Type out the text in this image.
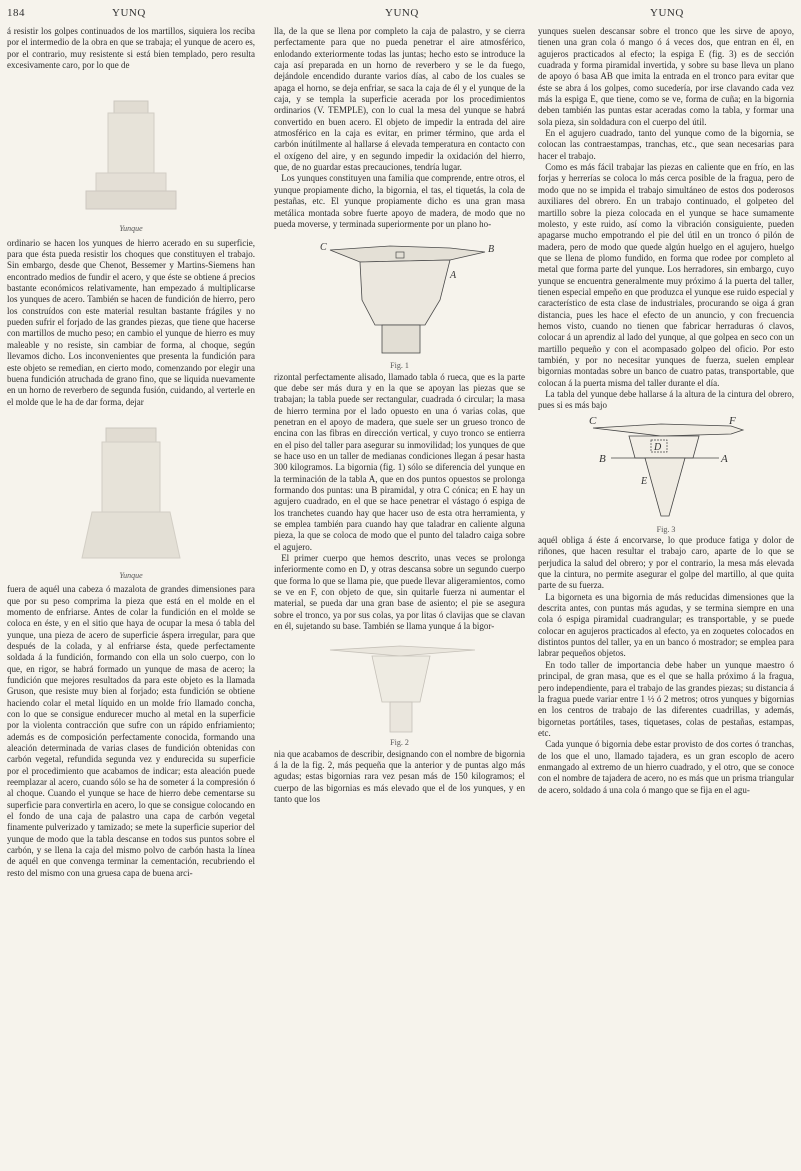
184	YUNQ	YUNQ	YUNQ

á resistir los golpes continuados de los martillos, siquiera los reciba por el intermedio de la obra en que se trabaja; el yunque de acero es, por el contrario, muy resistente si está bien templado, pero resulta excesivamente caro, por lo que de

Yunque

ordinario se hacen los yunques de hierro acerado en su superficie, para que ésta pueda resistir los choques que constituyen el trabajo. Sin embargo, desde que Chenot, Bessemer y Martins-Siemens han encontrado medios de fundir el acero, y que éste se obtiene á precios bastante económicos relativamente, han empezado á multiplicarse los yunques de acero. También se hacen de fundición de hierro, pero los construídos con este material resultan bastante frágiles y no pueden sufrir el forjado de las grandes piezas, que tiene que hacerse con martillos de mucho peso; en cambio el yunque de hierro es muy maleable y no resiste, sin cambiar de forma, al choque, según llevamos dicho. Los inconvenientes que presenta la fundición para este objeto se remedian, en cierto modo, comenzando por elegir una buena fundición atruchada de grano fino, que se liquida nuevamente en un horno de reverbero de segunda fusión, cuidando, al verterle en el molde que le ha de dar forma, dejar

Yunque

fuera de aquél una cabeza ó mazalota de grandes dimensiones para que por su peso comprima la pieza que está en el molde en el momento de enfriarse. Antes de colar la fundición en el molde se coloca en éste, y en el sitio que haya de ocupar la mesa ó tabla del yunque, una pieza de acero de superficie áspera irregular, para que después de la colada, y al enfriarse ésta, quede perfectamente soldada á la fundición, formando con ella un solo cuerpo, con lo que, en rigor, se habrá formado un yunque de masa de acero; la fundición que mejores resultados da para este objeto es la llamada Gruson, que resiste muy bien al forjado; esta fundición se obtiene haciendo colar el metal líquido en un molde frío llamado concha, con lo que se consigue endurecer mucho al metal en la superficie por la violenta contracción que sufre con un rápido enfriamiento; además es de composición perfectamente conocida, formando una aleación determinada de varias clases de fundición obtenidas con carbón vegetal, refundida segunda vez y endurecida su superficie por el procedimiento que acabamos de indicar; esta aleación puede reemplazar al acero, cuando sólo se ha de someter á la compresión ó al choque. Cuando el yunque se hace de hierro debe cementarse su superficie para convertirla en acero, lo que se consigue colocando en el fondo de una caja de palastro una capa de carbón vegetal finamente pulverizado y tamizado; se mete la superficie superior del yunque de modo que la tabla descanse en todos sus puntos sobre el carbón, y se llena la caja del mismo polvo de carbón hasta la línea de aquél en que convenga terminar la cementación, recubriendo el resto del mismo con una gruesa capa de buena arci-

lla, de la que se llena por completo la caja de palastro, y se cierra perfectamente para que no pueda penetrar el aire atmosférico, enlodando exteriormente todas las juntas; hecho esto se introduce la caja así preparada en un horno de reverbero y se le da fuego, dejándole encendido durante varios días, al cabo de los cuales se apaga el horno, se deja enfriar, se saca la caja de él y el yunque de la caja, y se templa la superficie acerada por los procedimientos ordinarios (V. TEMPLE), con lo cual la mesa del yunque se habrá convertido en buen acero. El objeto de impedir la entrada del aire atmosférico en la caja es evitar, en primer término, que arda el carbón inútilmente al hallarse á elevada temperatura en contacto con el oxígeno del aire, y en segundo impedir la oxidación del hierro, que, de no guardar estas precauciones, tendría lugar.

Los yunques constituyen una familia que comprende, entre otros, el yunque propiamente dicho, la bigornia, el tas, el tiquetás, la cola de pestañas, etc. El yunque propiamente dicho es una gran masa metálica montada sobre fuerte apoyo de madera, de modo que no pueda moverse, y terminada superiormente por un plano ho-

C	B
A
Fig. 1

rizontal perfectamente alisado, llamado tabla ó rueca, que es la parte que debe ser más dura y en la que se apoyan las piezas que se trabajan; la tabla puede ser rectangular, cuadrada ó circular; la masa de hierro termina por el lado opuesto en una ó varias colas, que penetran en el apoyo de madera, que suele ser un grueso tronco de encina con las fibras en dirección vertical, y cuyo tronco se entierra en el piso del taller para asegurar su inmovilidad; los yunques de que se hace uso en un taller de medianas condiciones llegan á pesar hasta 300 kilogramos. La bigornia (fig. 1) sólo se diferencia del yunque en la terminación de la tabla A, que en dos puntos opuestos se prolonga formando dos puntas: una B piramidal, y otra C cónica; en E hay un agujero cuadrado, en el que se hace penetrar el vástago ó espiga de los tranchetes cuando hay que hacer uso de esta otra herramienta, y se emplea también para cuando hay que taladrar en caliente alguna pieza, la que se coloca de modo que el punto del taladro caiga sobre el agujero.

El primer cuerpo que hemos descrito, unas veces se prolonga inferiormente como en D, y otras descansa sobre un segundo cuerpo que forma lo que se llama pie, que puede llevar aligeramientos, como se ve en F, con objeto de que, sin quitarle fuerza ni aumentar el material, se pueda dar una gran base de asiento; el pie se asegura sobre el tronco, ya por sus colas, ya por litas ó clavijas que se clavan en él, sujetando su base. También se llama yunque á la bigor-

Fig. 2

nia que acabamos de describir, designando con el nombre de bigornia á la de la fig. 2, más pequeña que la anterior y de puntas algo más agudas; estas bigornias rara vez pesan más de 150 kilogramos; el cuerpo de las bigornias es más elevado que el de los yunques, y en tanto que los

yunques suelen descansar sobre el tronco que les sirve de apoyo, tienen una gran cola ó mango ó á veces dos, que entran en él, en agujeros practicados al efecto; la espiga E (fig. 3) es de sección cuadrada y forma piramidal invertida, y sobre su base lleva un plano de apoyo ó basa AB que imita la entrada en el tronco para evitar que éste se abra á los golpes, como sucedería, por irse clavando cada vez más la espiga E, que tiene, como se ve, forma de cuña; en la bigornia deben también las puntas estar aceradas como la tabla, y formar una sola pieza, sin soldadura con el cuerpo del útil.

En el agujero cuadrado, tanto del yunque como de la bigornia, se colocan las contraestampas, tranchas, etc., que sean necesarias para hacer el trabajo.

Como es más fácil trabajar las piezas en caliente que en frío, en las forjas y herrerías se coloca lo más cerca posible de la fragua, pero de modo que no se impida el trabajo simultáneo de estos dos poderosos auxiliares del obrero. En un trabajo continuado, el golpeteo del martillo sobre la pieza colocada en el yunque se hace sumamente molesto, y este ruido, así como la vibración consiguiente, pueden apagarse mucho empotrando el pie del útil en un tronco ó pilón de madera, pero de modo que quede algún huelgo en el agujero, huelgo que se llena de plomo fundido, en forma que rodee por completo al metal que forma parte del yunque. Los herradores, sin embargo, cuyo yunque se encuentra generalmente muy próximo á la puerta del taller, tienen especial empeño en que produzca el yunque ese ruido especial y característico de esta clase de industriales, procurando se oiga á gran distancia, pues les hace el efecto de un anuncio, y con frecuencia hemos visto, cuando no tienen que fabricar herraduras ó clavos, colocar á un aprendiz al lado del yunque, al que golpea en seco con un martillo pequeño y con el acompasado golpeo del oficio. Por esto también, y por no necesitar yunques de fuerza, suelen emplear bigornias montadas sobre un banco de cuatro patas, transportable, que colocan á la puerta misma del taller durante el día.

La tabla del yunque debe hallarse á la altura de la cintura del obrero, pues si es más bajo

C	F
D
B	A
E
Fig. 3

aquél obliga á éste á encorvarse, lo que produce fatiga y dolor de riñones, que hacen resultar el trabajo caro, aparte de lo que se perjudica la salud del obrero; y por el contrario, la mesa más elevada que la cintura, no permite asegurar el golpe del martillo, al que quita parte de su fuerza.

La bigorneta es una bigornia de más reducidas dimensiones que la descrita antes, con puntas más agudas, y se termina siempre en una cola ó espiga piramidal cuadrangular; es transportable, y se puede colocar en agujeros practicados al efecto, ya en zoquetes colocados en distintos puntos del taller, ya en un banco ó mostrador; se emplea para labrar pequeños objetos.

En todo taller de importancia debe haber un yunque maestro ó principal, de gran masa, que es el que se halla próximo á la fragua, pero independiente, para el trabajo de las grandes piezas; su distancia á la fragua puede variar entre 1 ½ ó 2 metros; otros yunques y bigornias en los centros de trabajo de las diferentes cuadrillas, y además, bigornetas portátiles, tases, tiquetases, colas de pestañas, estampas, etc.

Cada yunque ó bigornia debe estar provisto de dos cortes ó tranchas, de los que el uno, llamado tajadera, es un gran escoplo de acero enmangado al extremo de un hierro cuadrado, y el otro, que se conoce con el nombre de tajadera de acero, no es más que un prisma triangular de acero, soldado á una cola ó mango que se fija en el agu-
